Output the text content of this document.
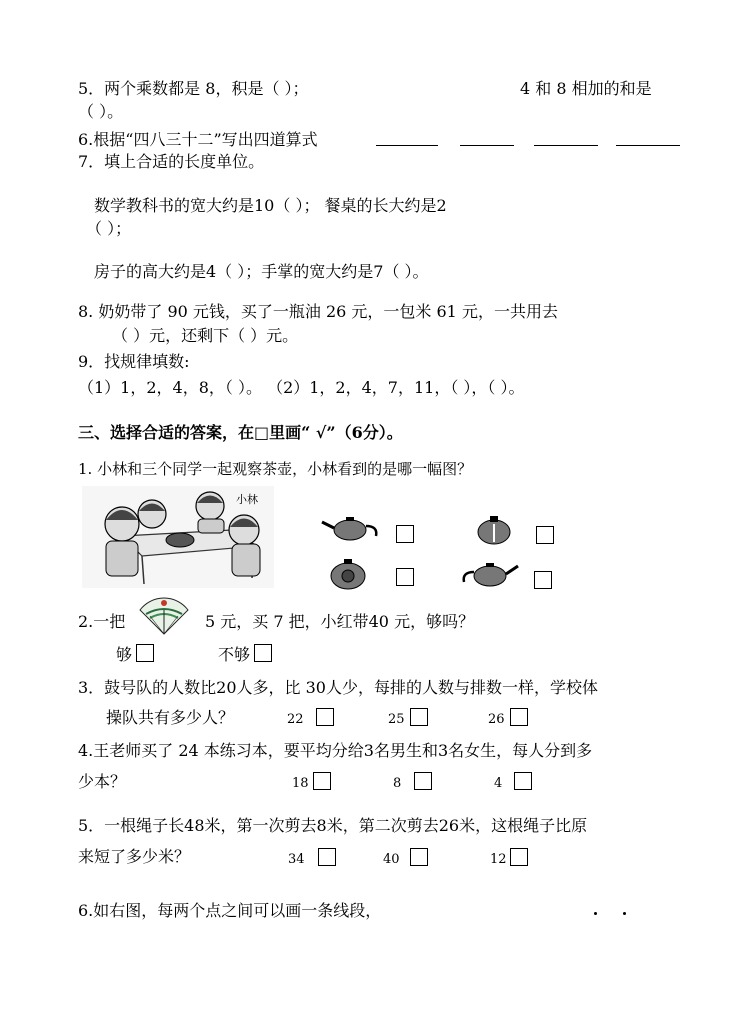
5．两个乘数都是 8，积是（ ）；	4 和 8 相加的和是
（ ）。
6.根据“四八三十二”写出四道算式
7．填上合适的长度单位。
数学教科书的宽大约是10（ ）； 餐桌的长大约是2
（ ）；
房子的高大约是4（ ）；手掌的宽大约是7（ ）。
8. 奶奶带了 90 元钱，买了一瓶油 26 元，一包米 61 元，一共用去
（ ）元，还剩下（ ）元。
9．找规律填数:
（1）1，2，4，8，（ ）。 （2）1，2，4，7，11，（ ），（ ）。
三、选择合适的答案，在□里画“ √”（6分）。
1. 小林和三个同学一起观察茶壶，小林看到的是哪一幅图？
小林
2.一把	5 元，买 7 把，小红带40 元，够吗？
够	不够
3．鼓号队的人数比20人多，比 30人少，每排的人数与排数一样，学校体
操队共有多少人？	22	25	26
4.王老师买了 24 本练习本，要平均分给3名男生和3名女生，每人分到多
少本？	18	8	4
5．一根绳子长48米，第一次剪去8米，第二次剪去26米，这根绳子比原
来短了多少米？	34	40	12
6.如右图，每两个点之间可以画一条线段，
